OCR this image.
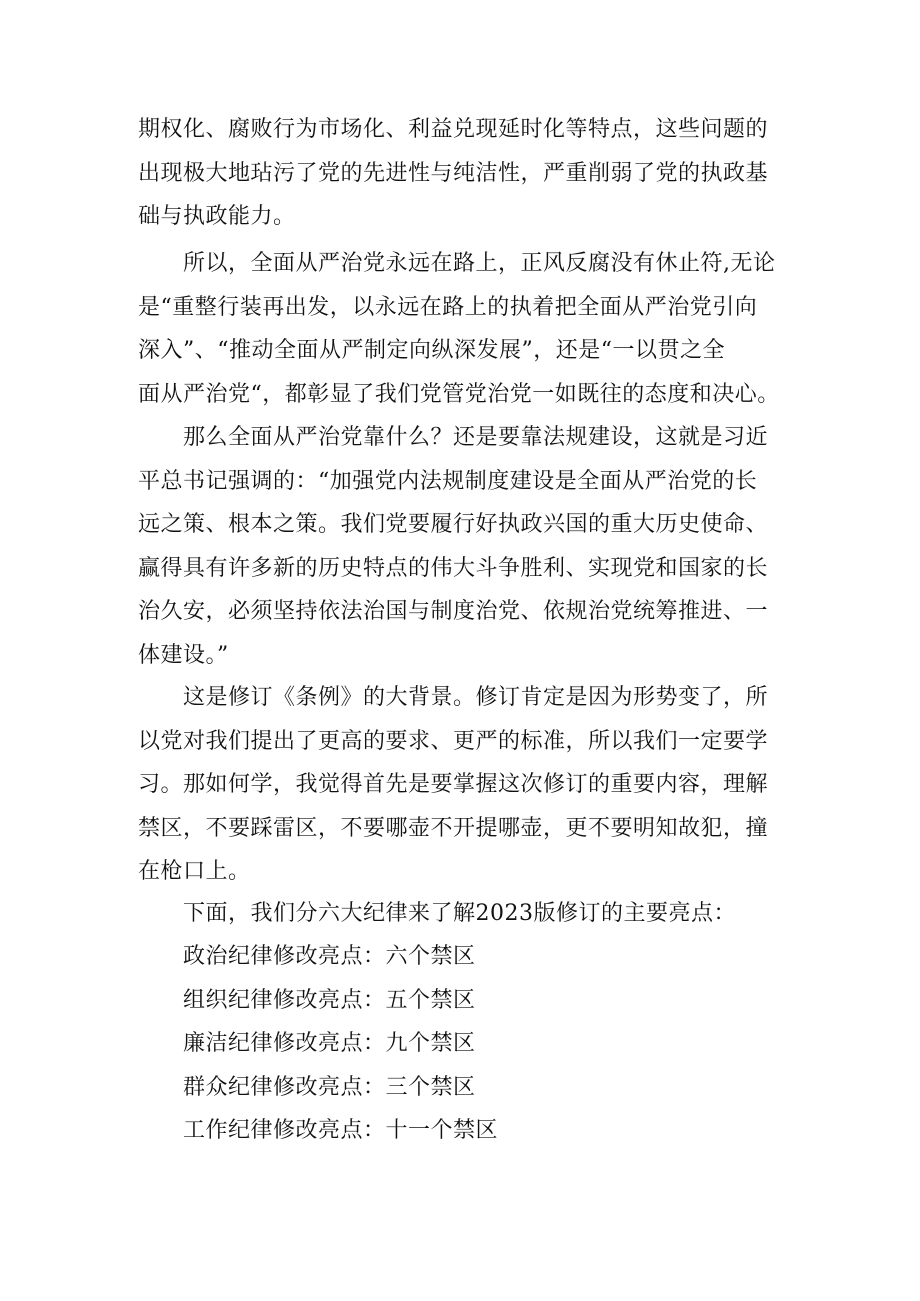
期权化、腐败行为市场化、利益兑现延时化等特点，这些问题的
出现极大地玷污了党的先进性与纯洁性，严重削弱了党的执政基
础与执政能力。
所以，全面从严治党永远在路上，正风反腐没有休止符,无论
是“重整行装再出发，以永远在路上的执着把全面从严治党引向
深入”、“推动全面从严制定向纵深发展”，还是“一以贯之全
面从严治党“，都彰显了我们党管党治党一如既往的态度和决心。
那么全面从严治党靠什么？还是要靠法规建设，这就是习近
平总书记强调的：“加强党内法规制度建设是全面从严治党的长
远之策、根本之策。我们党要履行好执政兴国的重大历史使命、
赢得具有许多新的历史特点的伟大斗争胜利、实现党和国家的长
治久安，必须坚持依法治国与制度治党、依规治党统筹推进、一
体建设。”
这是修订《条例》的大背景。修订肯定是因为形势变了，所
以党对我们提出了更高的要求、更严的标准，所以我们一定要学
习。那如何学，我觉得首先是要掌握这次修订的重要内容，理解
禁区，不要踩雷区，不要哪壶不开提哪壶，更不要明知故犯，撞
在枪口上。
下面，我们分六大纪律来了解2023版修订的主要亮点：
政治纪律修改亮点：六个禁区
组织纪律修改亮点：五个禁区
廉洁纪律修改亮点：九个禁区
群众纪律修改亮点：三个禁区
工作纪律修改亮点：十一个禁区
